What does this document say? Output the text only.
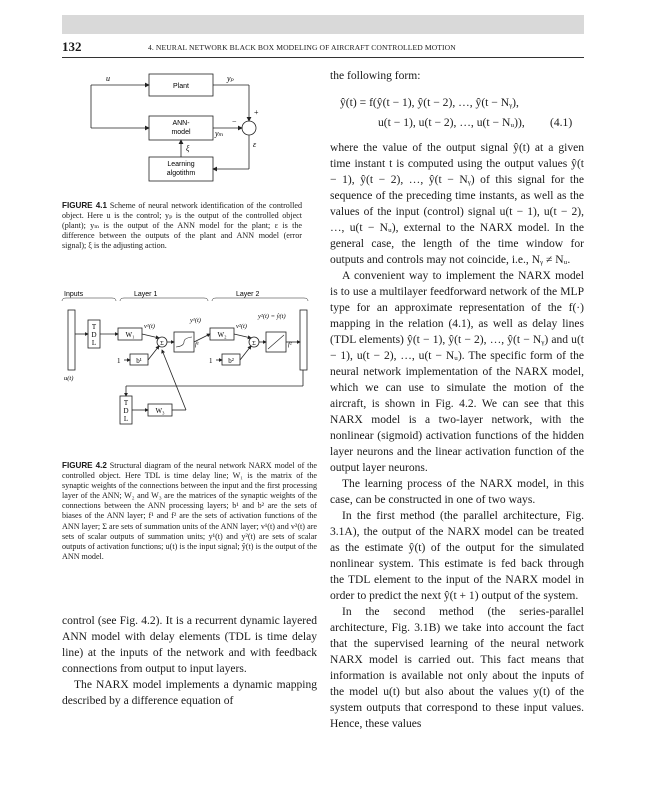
132	4. NEURAL NETWORK BLACK BOX MODELING OF AIRCRAFT CONTROLLED MOTION
u
Plant
yₚ
+
−
ANN-
model	yₘ
ε
ξ
Learning
algotithm
FIGURE 4.1 Scheme of neural network identification of the controlled object. Here u is the control; yₚ is the output of the controlled object (plant); yₘ is the output of the ANN model for the plant; ε is the difference between the outputs of the plant and ANN model (error signal); ξ is the adjusting action.
Inputs	Layer 1	Layer 2
T
D
L
W₁
1 b¹
Σ
v¹(t)
y¹(t)
f¹
W₂
1 b²
Σ
v²(t)
f²
y²(t) = ŷ(t)
u(t)
T
D
L
W₃
FIGURE 4.2 Structural diagram of the neural network NARX model of the controlled object. Here TDL is time delay line; W₁ is the matrix of the synaptic weights of the connections between the input and the first processing layer of the ANN; W₂ and W₃ are the matrices of the synaptic weights of the connections between the ANN processing layers; b¹ and b² are the sets of biases of the ANN layer; f¹ and f² are the sets of activation functions of the ANN layer; Σ are sets of summation units of the ANN layer; v¹(t) and v²(t) are sets of scalar outputs of summation units; y¹(t) and y²(t) are sets of scalar outputs of activation functions; u(t) is the input signal; ŷ(t) is the output of the ANN model.

control (see Fig. 4.2). It is a recurrent dynamic layered ANN model with delay elements (TDL is time delay line) at the inputs of the network and with feedback connections from output to input layers.

The NARX model implements a dynamic mapping described by a difference equation of

the following form:

ŷ(t) = f(ŷ(t − 1), ŷ(t − 2), …, ŷ(t − Nᵧ),
u(t − 1), u(t − 2), …, u(t − Nᵤ)), (4.1)

where the value of the output signal ŷ(t) at a given time instant t is computed using the output values ŷ(t − 1), ŷ(t − 2), …, ŷ(t − Nᵧ) of this signal for the sequence of the preceding time instants, as well as the values of the input (control) signal u(t − 1), u(t − 2), …, u(t − Nᵤ), external to the NARX model. In the general case, the length of the time window for outputs and controls may not coincide, i.e., Nᵧ ≠ Nᵤ.

A convenient way to implement the NARX model is to use a multilayer feedforward network of the MLP type for an approximate representation of the f(·) mapping in the relation (4.1), as well as delay lines (TDL elements) ŷ(t − 1), ŷ(t − 2), …, ŷ(t − Nᵧ) and u(t − 1), u(t − 2), …, u(t − Nᵤ). The specific form of the neural network implementation of the NARX model, which we can use to simulate the motion of the aircraft, is shown in Fig. 4.2. We can see that this NARX model is a two-layer network, with the nonlinear (sigmoid) activation functions of the hidden layer neurons and the linear activation function of the output layer neurons.

The learning process of the NARX model, in this case, can be constructed in one of two ways.

In the first method (the parallel architecture, Fig. 3.1A), the output of the NARX model can be treated as the estimate ŷ(t) of the output for the simulated nonlinear system. This estimate is fed back through the TDL element to the input of the NARX model in order to predict the next ŷ(t + 1) output of the system.

In the second method (the series-parallel architecture, Fig. 3.1B) we take into account the fact that the supervised learning of the neural network NARX model is carried out. This fact means that information is available not only about the inputs of the model u(t) but also about the values y(t) of the system outputs that correspond to these input values. Hence, these values
